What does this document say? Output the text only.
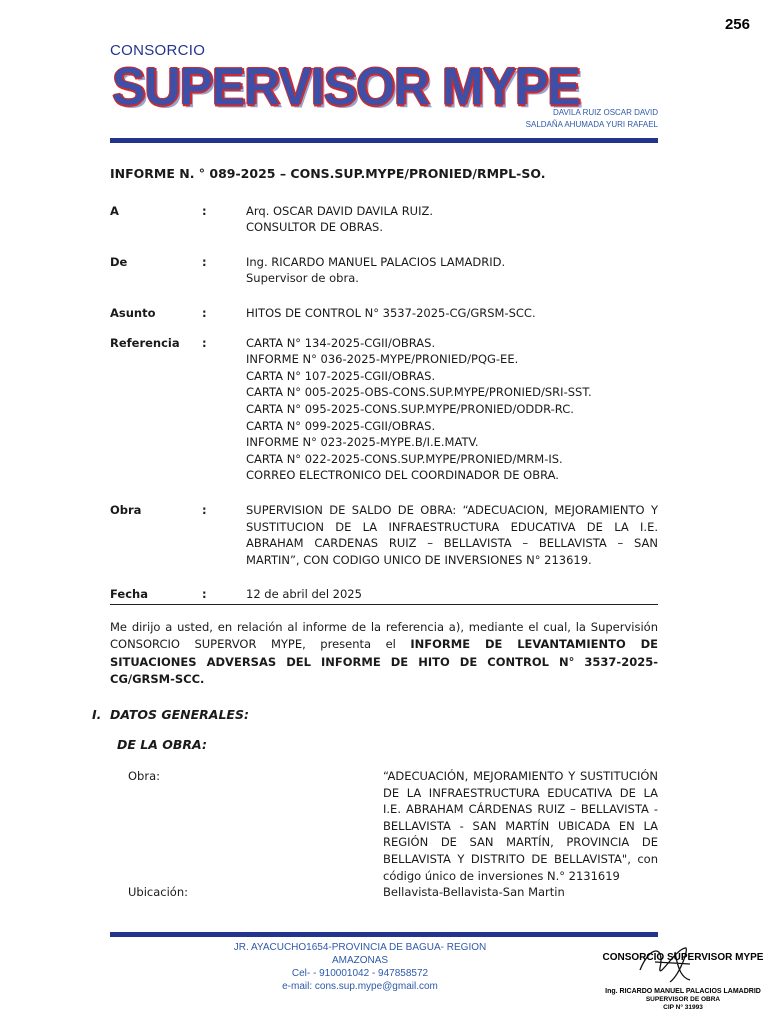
256
CONSORCIO
SUPERVISOR MYPE
DAVILA RUIZ OSCAR DAVID
SALDAÑA AHUMADA YURI RAFAEL
INFORME N. ° 089-2025 – CONS.SUP.MYPE/PRONIED/RMPL-SO.
A	:	Arq. OSCAR DAVID DAVILA RUIZ.
CONSULTOR DE OBRAS.
De	:	Ing. RICARDO MANUEL PALACIOS LAMADRID.
Supervisor de obra.
Asunto	:	HITOS DE CONTROL N° 3537-2025-CG/GRSM-SCC.
Referencia	:	CARTA N° 134-2025-CGII/OBRAS.
INFORME N° 036-2025-MYPE/PRONIED/PQG-EE.
CARTA N° 107-2025-CGII/OBRAS.
CARTA N° 005-2025-OBS-CONS.SUP.MYPE/PRONIED/SRI-SST.
CARTA N° 095-2025-CONS.SUP.MYPE/PRONIED/ODDR-RC.
CARTA N° 099-2025-CGII/OBRAS.
INFORME N° 023-2025-MYPE.B/I.E.MATV.
CARTA N° 022-2025-CONS.SUP.MYPE/PRONIED/MRM-IS.
CORREO ELECTRONICO DEL COORDINADOR DE OBRA.
Obra	:	SUPERVISION DE SALDO DE OBRA: “ADECUACION, MEJORAMIENTO Y SUSTITUCION DE LA INFRAESTRUCTURA EDUCATIVA DE LA I.E. ABRAHAM CARDENAS RUIZ – BELLAVISTA – BELLAVISTA – SAN MARTIN”, CON CODIGO UNICO DE INVERSIONES N° 213619.
Fecha	:	12 de abril del 2025
Me dirijo a usted, en relación al informe de la referencia a), mediante el cual, la Supervisión CONSORCIO SUPERVOR MYPE, presenta el INFORME DE LEVANTAMIENTO DE SITUACIONES ADVERSAS DEL INFORME DE HITO DE CONTROL N° 3537-2025-CG/GRSM-SCC.
I. DATOS GENERALES:
DE LA OBRA:
Obra:	“ADECUACIÓN, MEJORAMIENTO Y SUSTITUCIÓN DE LA INFRAESTRUCTURA EDUCATIVA DE LA I.E. ABRAHAM CÁRDENAS RUIZ – BELLAVISTA - BELLAVISTA - SAN MARTÍN UBICADA EN LA REGIÓN DE SAN MARTÍN, PROVINCIA DE BELLAVISTA Y DISTRITO DE BELLAVISTA", con código único de inversiones N.° 2131619
Ubicación:	Bellavista-Bellavista-San Martin
JR. AYACUCHO1654-PROVINCIA DE BAGUA- REGION AMAZONAS
Cel- - 910001042 - 947858572
e-mail: cons.sup.mype@gmail.com
CONSORCIO SUPERVISOR MYPE
Ing. RICARDO MANUEL PALACIOS LAMADRID
SUPERVISOR DE OBRA
CIP N° 31993
